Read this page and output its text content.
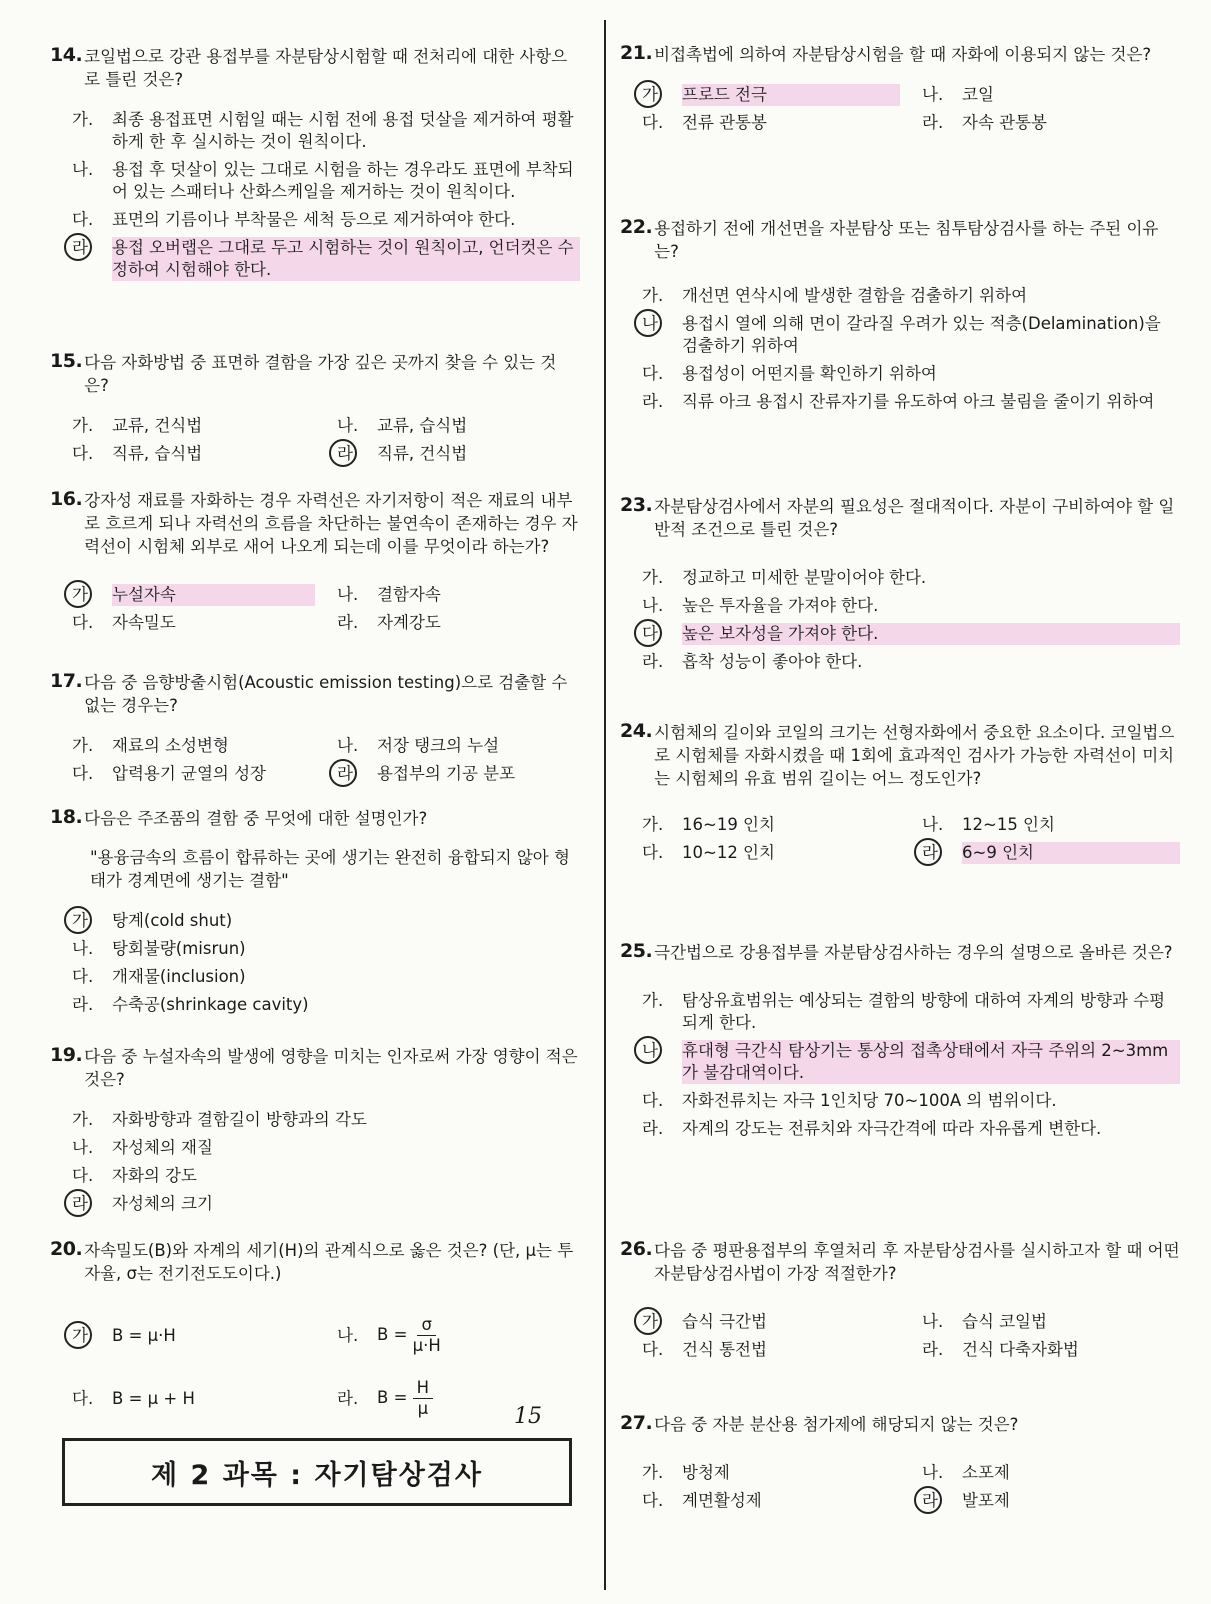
14. 코일법으로 강관 용접부를 자분탐상시험할 때 전처리에 대한 사항으로 틀린 것은?
가.	최종 용접표면 시험일 때는 시험 전에 용접 덧살을 제거하여 평활하게 한 후 실시하는 것이 원칙이다.
나.	용접 후 덧살이 있는 그대로 시험을 하는 경우라도 표면에 부착되어 있는 스패터나 산화스케일을 제거하는 것이 원칙이다.
다.	표면의 기름이나 부착물은 세척 등으로 제거하여야 한다.
라	용접 오버랩은 그대로 두고 시험하는 것이 원칙이고, 언더컷은 수정하여 시험해야 한다.
15. 다음 자화방법 중 표면하 결함을 가장 깊은 곳까지 찾을 수 있는 것은?
가.	교류, 건식법	나.	교류, 습식법
다.	직류, 습식법	라	직류, 건식법
16. 강자성 재료를 자화하는 경우 자력선은 자기저항이 적은 재료의 내부로 흐르게 되나 자력선의 흐름을 차단하는 불연속이 존재하는 경우 자력선이 시험체 외부로 새어 나오게 되는데 이를 무엇이라 하는가?
가	누설자속	나.	결함자속
다.	자속밀도	라.	자계강도
17. 다음 중 음향방출시험(Acoustic emission testing)으로 검출할 수 없는 경우는?
가.	재료의 소성변형	나.	저장 탱크의 누설
다.	압력용기 균열의 성장	라	용접부의 기공 분포
18. 다음은 주조품의 결함 중 무엇에 대한 설명인가?
"용융금속의 흐름이 합류하는 곳에 생기는 완전히 융합되지 않아 형태가 경계면에 생기는 결함"
가	탕계(cold shut)
나.	탕회불량(misrun)
다.	개재물(inclusion)
라.	수축공(shrinkage cavity)
19. 다음 중 누설자속의 발생에 영향을 미치는 인자로써 가장 영향이 적은 것은?
가.	자화방향과 결함길이 방향과의 각도
나.	자성체의 재질
다.	자화의 강도
라	자성체의 크기
20. 자속밀도(B)와 자계의 세기(H)의 관계식으로 옳은 것은? (단, μ는 투자율, σ는 전기전도도이다.)
가	B = μ·H	나.	$B = \frac{\sigma}{\mu\cdot H}$
다.	B = μ + H	라.	$B = \frac{H}{\mu}$	15
제 2 과목 : 자기탐상검사
21. 비접촉법에 의하여 자분탐상시험을 할 때 자화에 이용되지 않는 것은?
가	프로드 전극	나.	코일
다.	전류 관통봉	라.	자속 관통봉
22. 용접하기 전에 개선면을 자분탐상 또는 침투탐상검사를 하는 주된 이유는?
가.	개선면 연삭시에 발생한 결함을 검출하기 위하여
나	용접시 열에 의해 면이 갈라질 우려가 있는 적층(Delamination)을 검출하기 위하여
다.	용접성이 어떤지를 확인하기 위하여
라.	직류 아크 용접시 잔류자기를 유도하여 아크 불림을 줄이기 위하여
23. 자분탐상검사에서 자분의 필요성은 절대적이다. 자분이 구비하여야 할 일반적 조건으로 틀린 것은?
가.	정교하고 미세한 분말이어야 한다.
나.	높은 투자율을 가져야 한다.
다	높은 보자성을 가져야 한다.
라.	흡착 성능이 좋아야 한다.
24. 시험체의 길이와 코일의 크기는 선형자화에서 중요한 요소이다. 코일법으로 시험체를 자화시켰을 때 1회에 효과적인 검사가 가능한 자력선이 미치는 시험체의 유효 범위 길이는 어느 정도인가?
가.	16~19 인치	나.	12~15 인치
다.	10~12 인치	라	6~9 인치
25. 극간법으로 강용접부를 자분탐상검사하는 경우의 설명으로 올바른 것은?
가.	탐상유효범위는 예상되는 결함의 방향에 대하여 자계의 방향과 수평되게 한다.
나	휴대형 극간식 탐상기는 통상의 접촉상태에서 자극 주위의 2~3mm 가 불감대역이다.
다.	자화전류치는 자극 1인치당 70~100A 의 범위이다.
라.	자계의 강도는 전류치와 자극간격에 따라 자유롭게 변한다.
26. 다음 중 평판용접부의 후열처리 후 자분탐상검사를 실시하고자 할 때 어떤 자분탐상검사법이 가장 적절한가?
가	습식 극간법	나.	습식 코일법
다.	건식 통전법	라.	건식 다축자화법
27. 다음 중 자분 분산용 첨가제에 해당되지 않는 것은?
가.	방청제	나.	소포제
다.	계면활성제	라	발포제
